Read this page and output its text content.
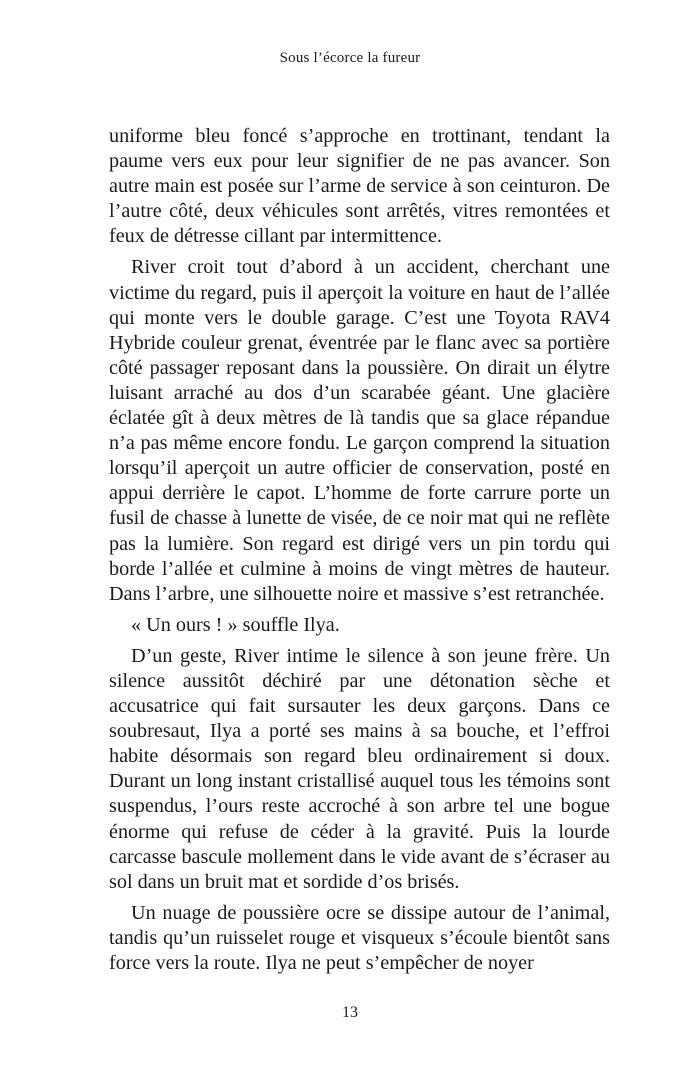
Sous l’écorce la fureur

uniforme bleu foncé s’approche en trottinant, tendant la paume vers eux pour leur signifier de ne pas avancer. Son autre main est posée sur l’arme de service à son ceinturon. De l’autre côté, deux véhicules sont arrêtés, vitres remontées et feux de détresse cillant par intermittence.

River croit tout d’abord à un accident, cherchant une victime du regard, puis il aperçoit la voiture en haut de l’allée qui monte vers le double garage. C’est une Toyota RAV4 Hybride couleur grenat, éventrée par le flanc avec sa portière côté passager reposant dans la poussière. On dirait un élytre luisant arraché au dos d’un scarabée géant. Une glacière éclatée gît à deux mètres de là tandis que sa glace répandue n’a pas même encore fondu. Le garçon comprend la situation lorsqu’il aperçoit un autre officier de conservation, posté en appui derrière le capot. L’homme de forte carrure porte un fusil de chasse à lunette de visée, de ce noir mat qui ne reflète pas la lumière. Son regard est dirigé vers un pin tordu qui borde l’allée et culmine à moins de vingt mètres de hauteur. Dans l’arbre, une silhouette noire et massive s’est retranchée.

« Un ours ! » souffle Ilya.

D’un geste, River intime le silence à son jeune frère. Un silence aussitôt déchiré par une détonation sèche et accusatrice qui fait sursauter les deux garçons. Dans ce soubresaut, Ilya a porté ses mains à sa bouche, et l’effroi habite désormais son regard bleu ordinairement si doux. Durant un long instant cristallisé auquel tous les témoins sont suspendus, l’ours reste accroché à son arbre tel une bogue énorme qui refuse de céder à la gravité. Puis la lourde carcasse bascule mollement dans le vide avant de s’écraser au sol dans un bruit mat et sordide d’os brisés.

Un nuage de poussière ocre se dissipe autour de l’animal, tandis qu’un ruisselet rouge et visqueux s’écoule bientôt sans force vers la route. Ilya ne peut s’empêcher de noyer

13
